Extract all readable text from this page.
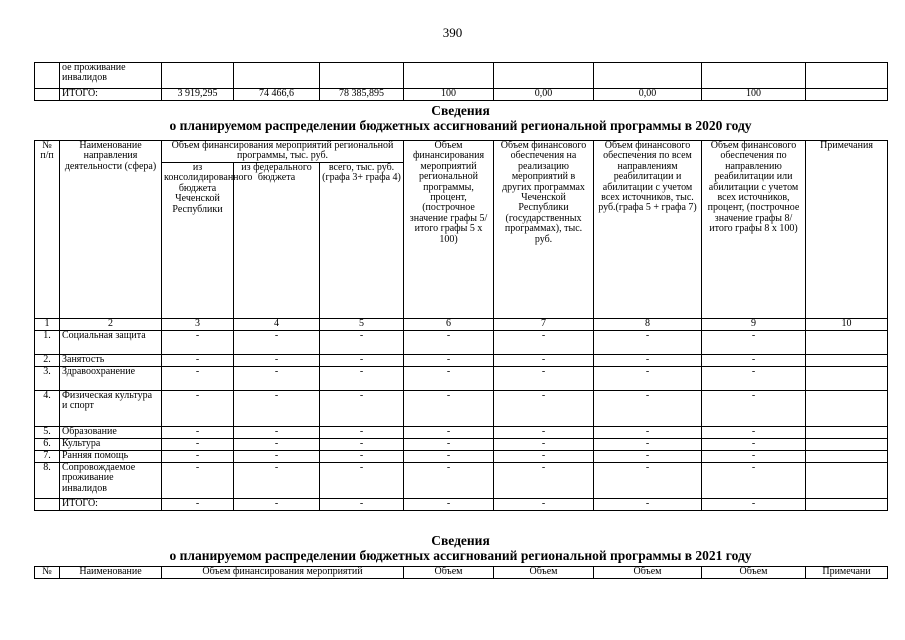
390
	ое проживание инвалидов								
	ИТОГО:	3 919,295	74 466,6	78 385,895	100	0,00	0,00	100	
Сведения
о планируемом распределении бюджетных ассигнований региональной программы в 2020 году
№ п/п	Наименование направления деятельности (сфера)	Объем финансирования мероприятий региональной программы, тыс. руб.			Объем финансирования мероприятий региональной программы, процент, (построчное значение графы 5/ итого графы 5 х 100)	Объем финансового обеспечения на реализацию мероприятий в других программах Чеченской Республики (государственных программах), тыс. руб.	Объем финансового обеспечения по всем направлениям реабилитации и абилитации с учетом всех источников, тыс. руб.(графа 5 + графа 7)	Объем финансового обеспечения по направлению реабилитации или абилитации с учетом всех источников, процент, (построчное значение графы 8/ итого графы 8 х 100)	Примечания
		из консолидированного бюджета Чеченской Республики	из федерального бюджета	всего, тыс. руб. (графа 3+ графа 4)					
1	2	3	4	5	6	7	8	9	10
1.	Социальная защита	-	-	-	-	-	-	-	
2.	Занятость	-	-	-	-	-	-	-	
3.	Здравоохранение	-	-	-	-	-	-	-	
4.	Физическая культура и спорт	-	-	-	-	-	-	-	
5.	Образование	-	-	-	-	-	-	-	
6.	Культура	-	-	-	-	-	-	-	
7.	Ранняя помощь	-	-	-	-	-	-	-	
8.	Сопровождаемое проживание инвалидов	-	-	-	-	-	-	-	
	ИТОГО:	-	-	-	-	-	-	-	
Сведения
о планируемом распределении бюджетных ассигнований региональной программы в 2021 году
№	Наименование	Объем финансирования мероприятий	Объем	Объем	Объем	Объем	Примечани
